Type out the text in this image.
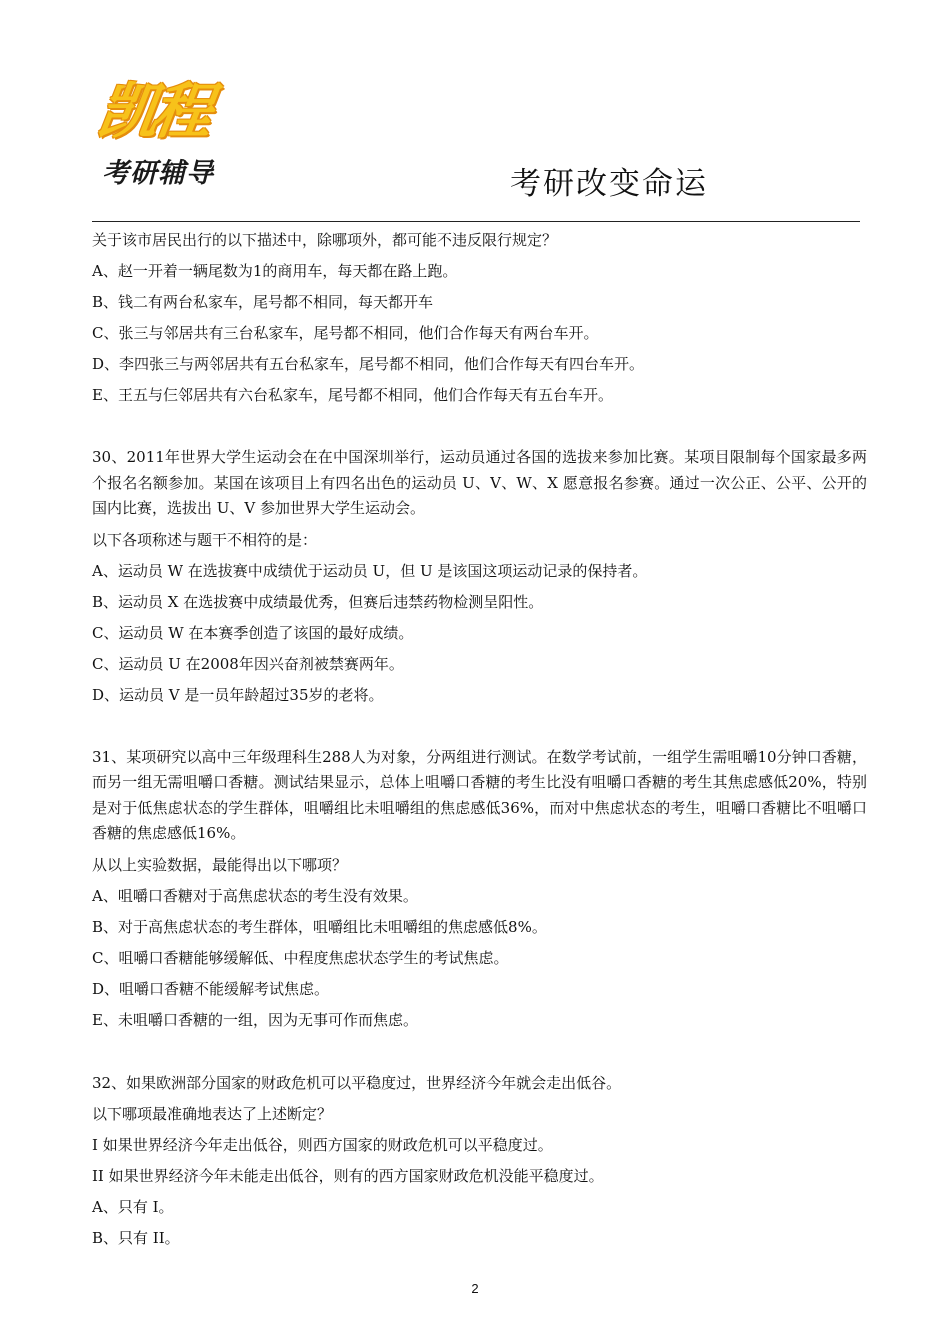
凯程
考研辅导	考研改变命运
关于该市居民出行的以下描述中，除哪项外，都可能不违反限行规定？
A、赵一开着一辆尾数为1的商用车，每天都在路上跑。
B、钱二有两台私家车，尾号都不相同，每天都开车
C、张三与邻居共有三台私家车，尾号都不相同，他们合作每天有两台车开。
D、李四张三与两邻居共有五台私家车，尾号都不相同，他们合作每天有四台车开。
E、王五与仨邻居共有六台私家车，尾号都不相同，他们合作每天有五台车开。
30、2011年世界大学生运动会在在中国深圳举行，运动员通过各国的选拔来参加比赛。某项目限制每个国家最多两个报名名额参加。某国在该项目上有四名出色的运动员 U、V、W、X 愿意报名参赛。通过一次公正、公平、公开的国内比赛，选拔出 U、V 参加世界大学生运动会。
以下各项称述与题干不相符的是：
A、运动员 W 在选拔赛中成绩优于运动员 U，但 U 是该国这项运动记录的保持者。
B、运动员 X 在选拔赛中成绩最优秀，但赛后违禁药物检测呈阳性。
C、运动员 W 在本赛季创造了该国的最好成绩。
C、运动员 U 在2008年因兴奋剂被禁赛两年。
D、运动员 V 是一员年龄超过35岁的老将。
31、某项研究以高中三年级理科生288人为对象，分两组进行测试。在数学考试前，一组学生需咀嚼10分钟口香糖，而另一组无需咀嚼口香糖。测试结果显示，总体上咀嚼口香糖的考生比没有咀嚼口香糖的考生其焦虑感低20%，特别是对于低焦虑状态的学生群体，咀嚼组比未咀嚼组的焦虑感低36%，而对中焦虑状态的考生，咀嚼口香糖比不咀嚼口香糖的焦虑感低16%。
从以上实验数据，最能得出以下哪项？
A、咀嚼口香糖对于高焦虑状态的考生没有效果。
B、对于高焦虑状态的考生群体，咀嚼组比未咀嚼组的焦虑感低8%。
C、咀嚼口香糖能够缓解低、中程度焦虑状态学生的考试焦虑。
D、咀嚼口香糖不能缓解考试焦虑。
E、未咀嚼口香糖的一组，因为无事可作而焦虑。
32、如果欧洲部分国家的财政危机可以平稳度过，世界经济今年就会走出低谷。
以下哪项最准确地表达了上述断定？
I 如果世界经济今年走出低谷，则西方国家的财政危机可以平稳度过。
II 如果世界经济今年未能走出低谷，则有的西方国家财政危机没能平稳度过。
A、只有 I。
B、只有 II。
2
